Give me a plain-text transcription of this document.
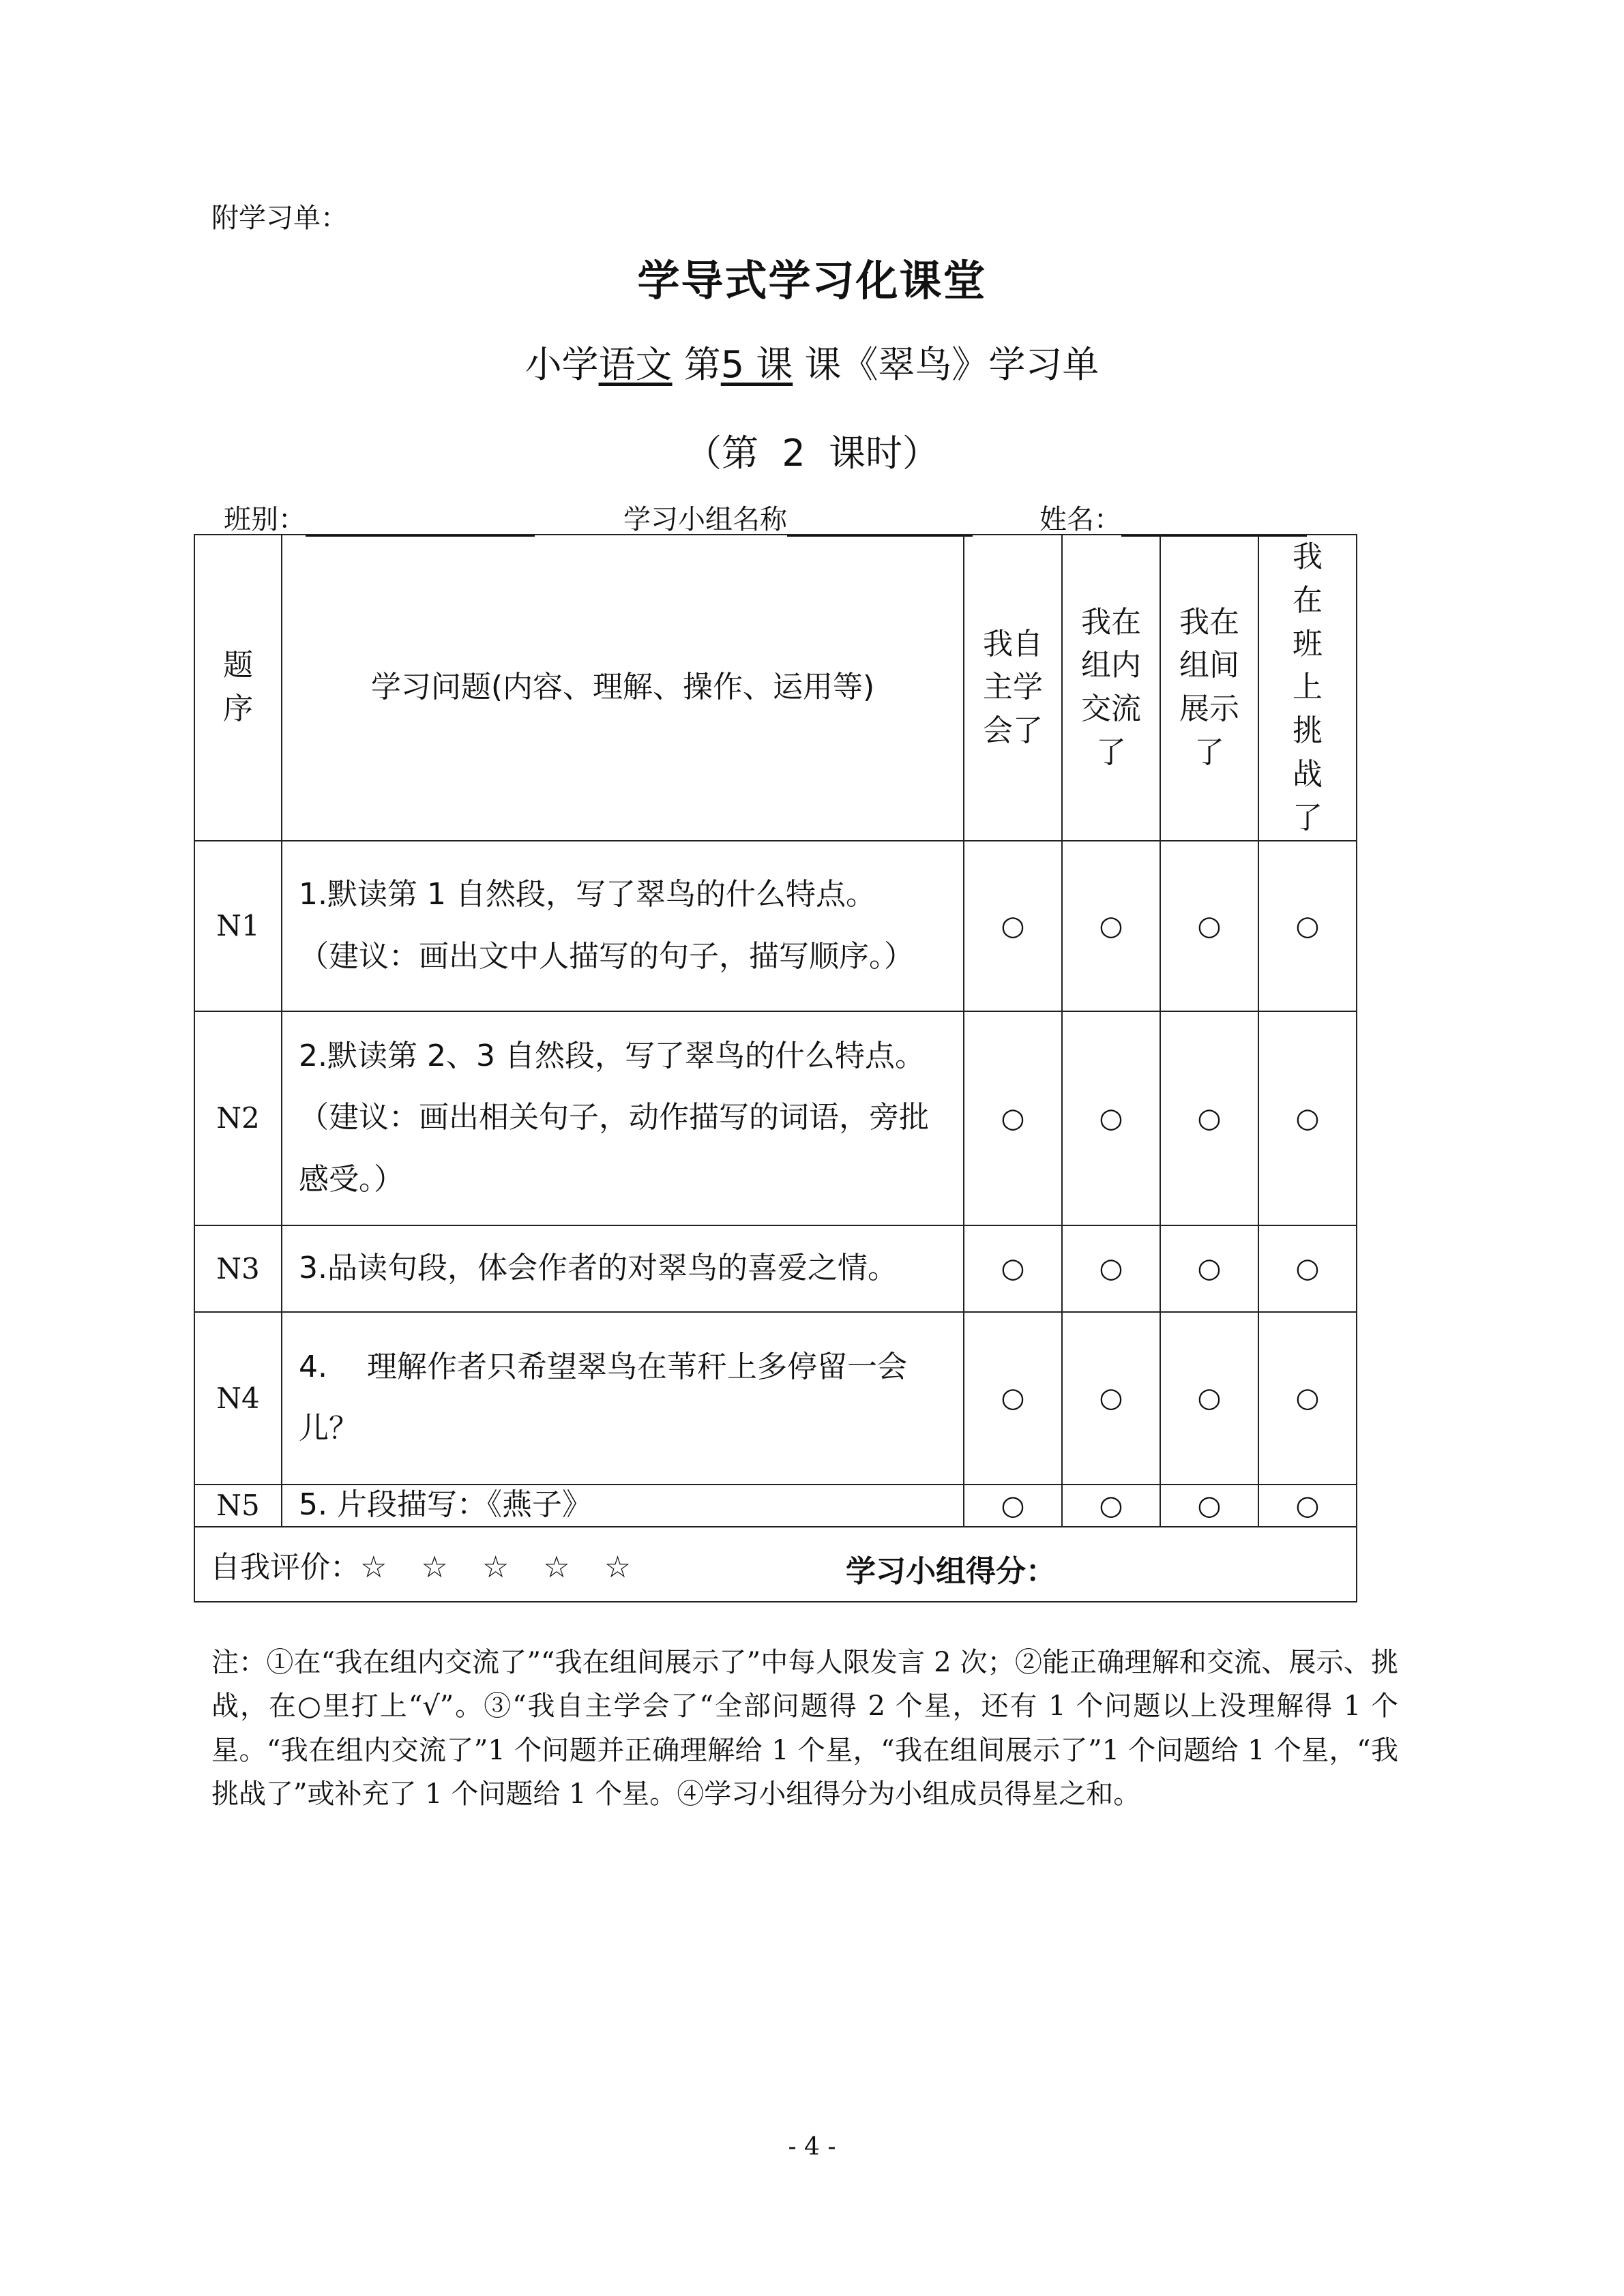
附学习单：
学导式学习化课堂
小学语文 第5 课 课《翠鸟》学习单
（第  2  课时）
班别：	学习小组名称	姓名：
题序	学习问题(内容、理解、操作、运用等)	我自主学会了	我在组内交流了	我在组间展示了	我在班上挑战了
N1	1.默读第 1 自然段，写了翠鸟的什么特点。
（建议：画出文中人描写的句子，描写顺序。）	○	○	○	○
N2	2.默读第 2、3 自然段，写了翠鸟的什么特点。
（建议：画出相关句子，动作描写的词语，旁批
感受。）	○	○	○	○
N3	3.品读句段，体会作者的对翠鸟的喜爱之情。	○	○	○	○
N4	4.　 理解作者只希望翠鸟在苇秆上多停留一会
儿？	○	○	○	○
N5	5. 片段描写：《燕子》	○	○	○	○
自我评价：☆ ☆ ☆ ☆ ☆						学习小组得分：
注：①在“我在组内交流了”“我在组间展示了”中每人限发言 2 次；②能正确理解和交流、展示、挑战，在○里打上“√”。③“我自主学会了“全部问题得 2 个星，还有 1 个问题以上没理解得 1 个星。“我在组内交流了”1 个问题并正确理解给 1 个星，“我在组间展示了”1 个问题给 1 个星，“我挑战了”或补充了 1 个问题给 1 个星。④学习小组得分为小组成员得星之和。
- 4 -
